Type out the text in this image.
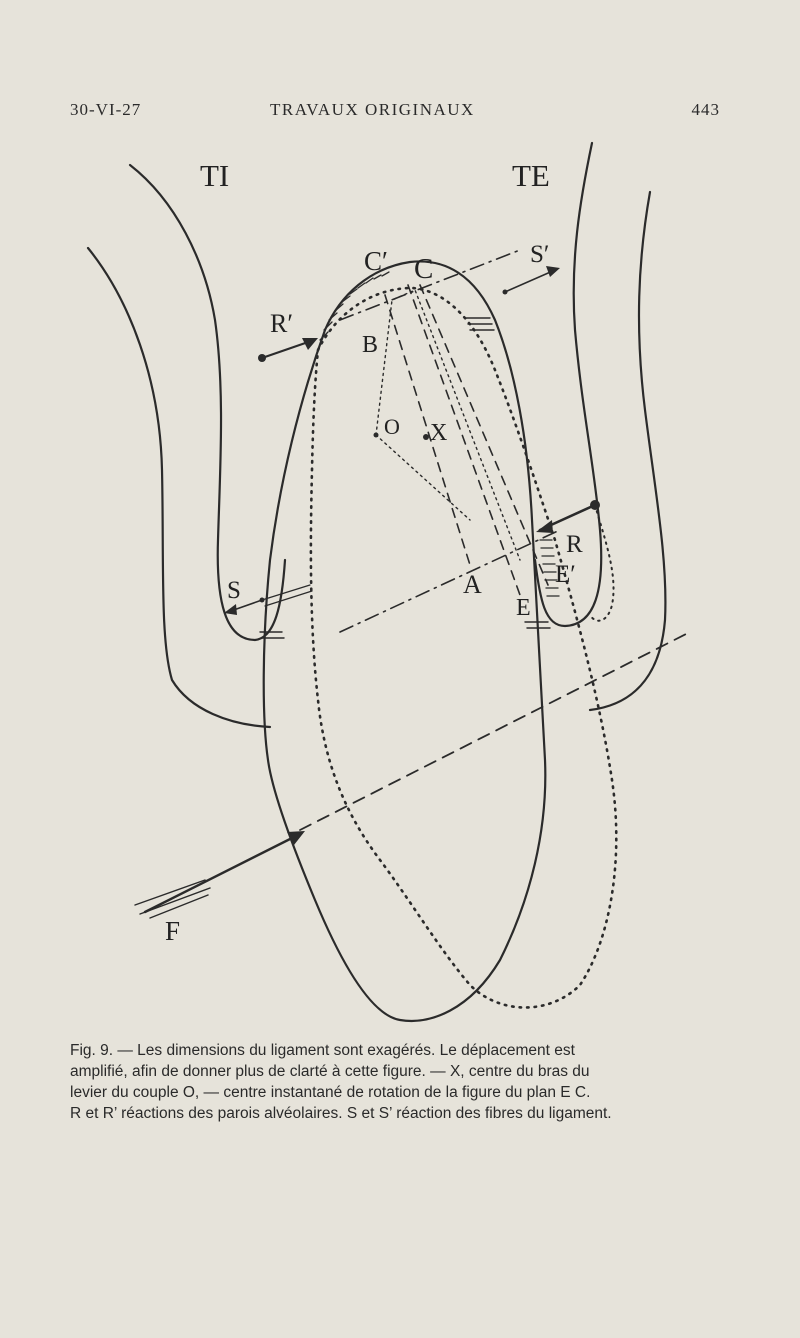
30-VI-27	TRAVAUX ORIGINAUX	443
TI	TE
C′ C	S′
R′
B
O X
R
E′
S	A
E
F
Fig. 9. — Les dimensions du ligament sont exagérés. Le déplacement est
amplifié, afin de donner plus de clarté à cette figure. — X, centre du bras du
levier du couple O, — centre instantané de rotation de la figure du plan E C.
R et R’ réactions des parois alvéolaires. S et S’ réaction des fibres du ligament.
